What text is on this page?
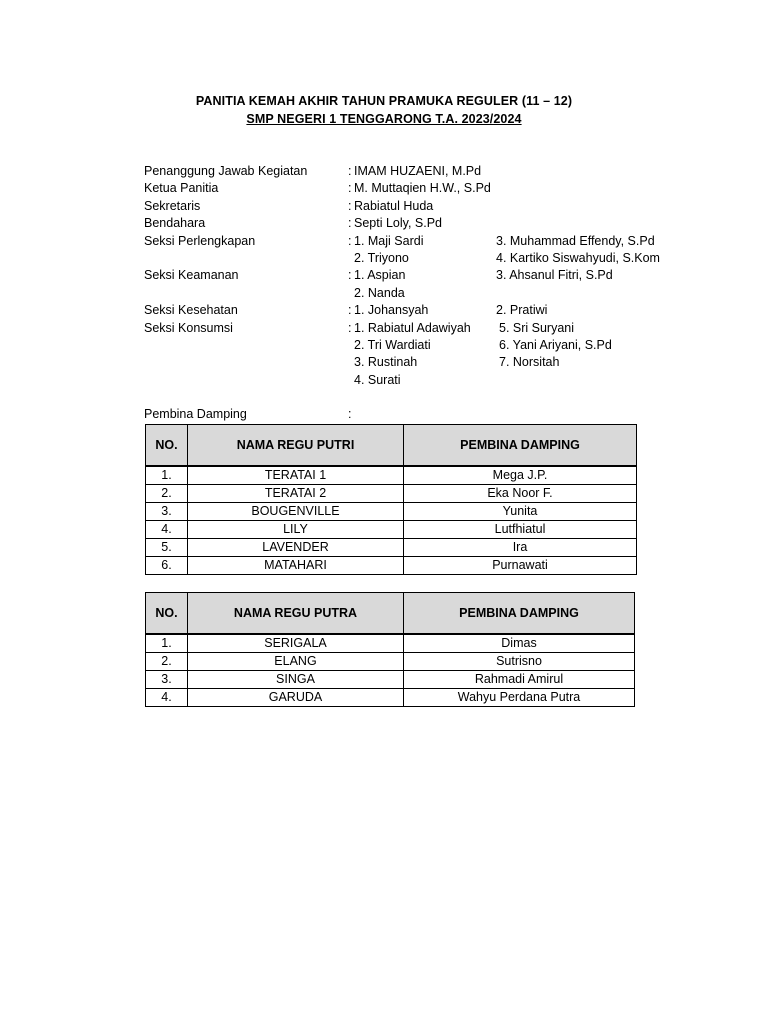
PANITIA KEMAH AKHIR TAHUN PRAMUKA REGULER (11 – 12)
SMP NEGERI 1 TENGGARONG T.A. 2023/2024
Penanggung Jawab Kegiatan	: IMAM HUZAENI, M.Pd
Ketua Panitia	: M. Muttaqien H.W., S.Pd
Sekretaris	: Rabiatul Huda
Bendahara	: Septi Loly, S.Pd
Seksi Perlengkapan	: 1. Maji Sardi	3. Muhammad Effendy, S.Pd
2. Triyono	4. Kartiko Siswahyudi, S.Kom
Seksi Keamanan	: 1. Aspian	3. Ahsanul Fitri, S.Pd
2. Nanda
Seksi Kesehatan	: 1. Johansyah	2. Pratiwi
Seksi Konsumsi	: 1. Rabiatul Adawiyah 5. Sri Suryani
2. Tri Wardiati	6. Yani Ariyani, S.Pd
3. Rustinah	7. Norsitah
4. Surati
Pembina Damping	:
NO.	NAMA REGU PUTRI	PEMBINA DAMPING

1.	TERATAI 1	Mega J.P.
2.	TERATAI 2	Eka Noor F.
3.	BOUGENVILLE	Yunita
4.	LILY	Lutfhiatul
5.	LAVENDER	Ira
6.	MATAHARI	Purnawati
NO.	NAMA REGU PUTRA	PEMBINA DAMPING

1.	SERIGALA	Dimas
2.	ELANG	Sutrisno
3.	SINGA	Rahmadi Amirul
4.	GARUDA	Wahyu Perdana Putra
